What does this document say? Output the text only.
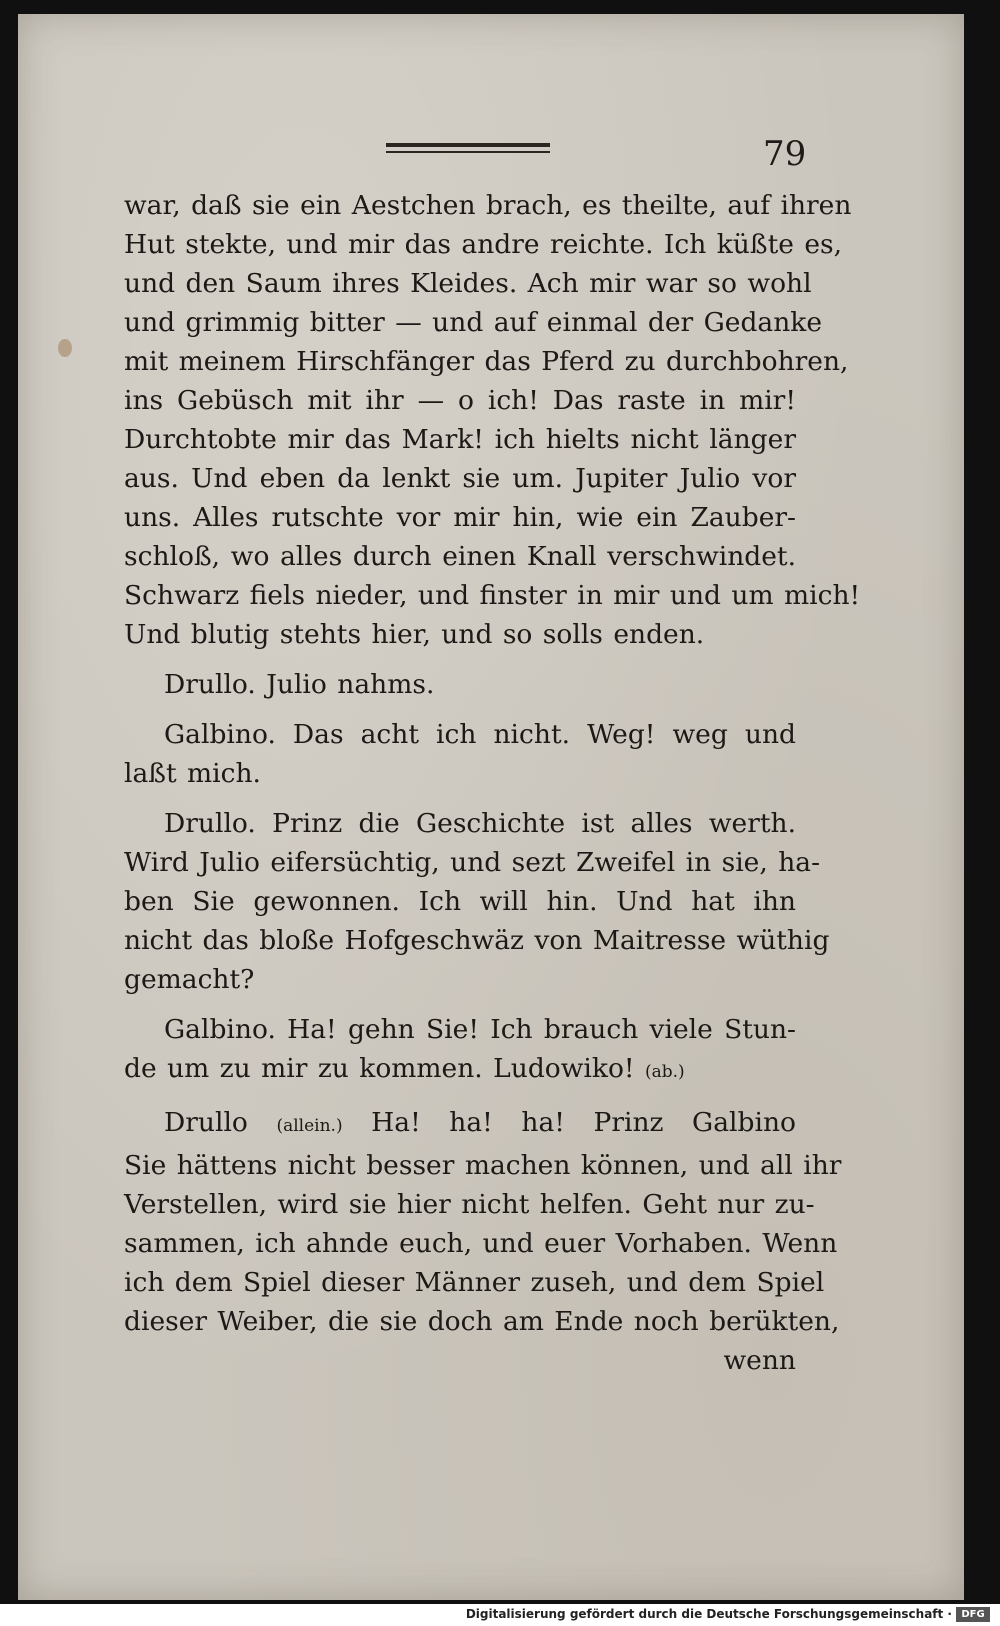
79
war, daß sie ein Aestchen brach, es theilte, auf ihren
Hut stekte, und mir das andre reichte. Ich küßte es,
und den Saum ihres Kleides. Ach mir war so wohl
und grimmig bitter — und auf einmal der Gedanke
mit meinem Hirschfänger das Pferd zu durchbohren,
ins Gebüsch mit ihr — o ich! Das raste in mir!
Durchtobte mir das Mark! ich hielts nicht länger
aus. Und eben da lenkt sie um. Jupiter Julio vor
uns. Alles rutschte vor mir hin, wie ein Zauber-
schloß, wo alles durch einen Knall verschwindet.
Schwarz fiels nieder, und finster in mir und um mich!
Und blutig stehts hier, und so solls enden.
Drullo. Julio nahms.
Galbino. Das acht ich nicht. Weg! weg und
laßt mich.
Drullo. Prinz die Geschichte ist alles werth.
Wird Julio eifersüchtig, und sezt Zweifel in sie, ha-
ben Sie gewonnen. Ich will hin. Und hat ihn
nicht das bloße Hofgeschwäz von Maitresse wüthig
gemacht?
Galbino. Ha! gehn Sie! Ich brauch viele Stun-
de um zu mir zu kommen. Ludowiko! (ab.)
Drullo (allein.) Ha! ha! ha! Prinz Galbino
Sie hättens nicht besser machen können, und all ihr
Verstellen, wird sie hier nicht helfen. Geht nur zu-
sammen, ich ahnde euch, und euer Vorhaben. Wenn
ich dem Spiel dieser Männer zuseh, und dem Spiel
dieser Weiber, die sie doch am Ende noch berükten,
wenn
Digitalisierung gefördert durch die Deutsche Forschungsgemeinschaft · DFG
